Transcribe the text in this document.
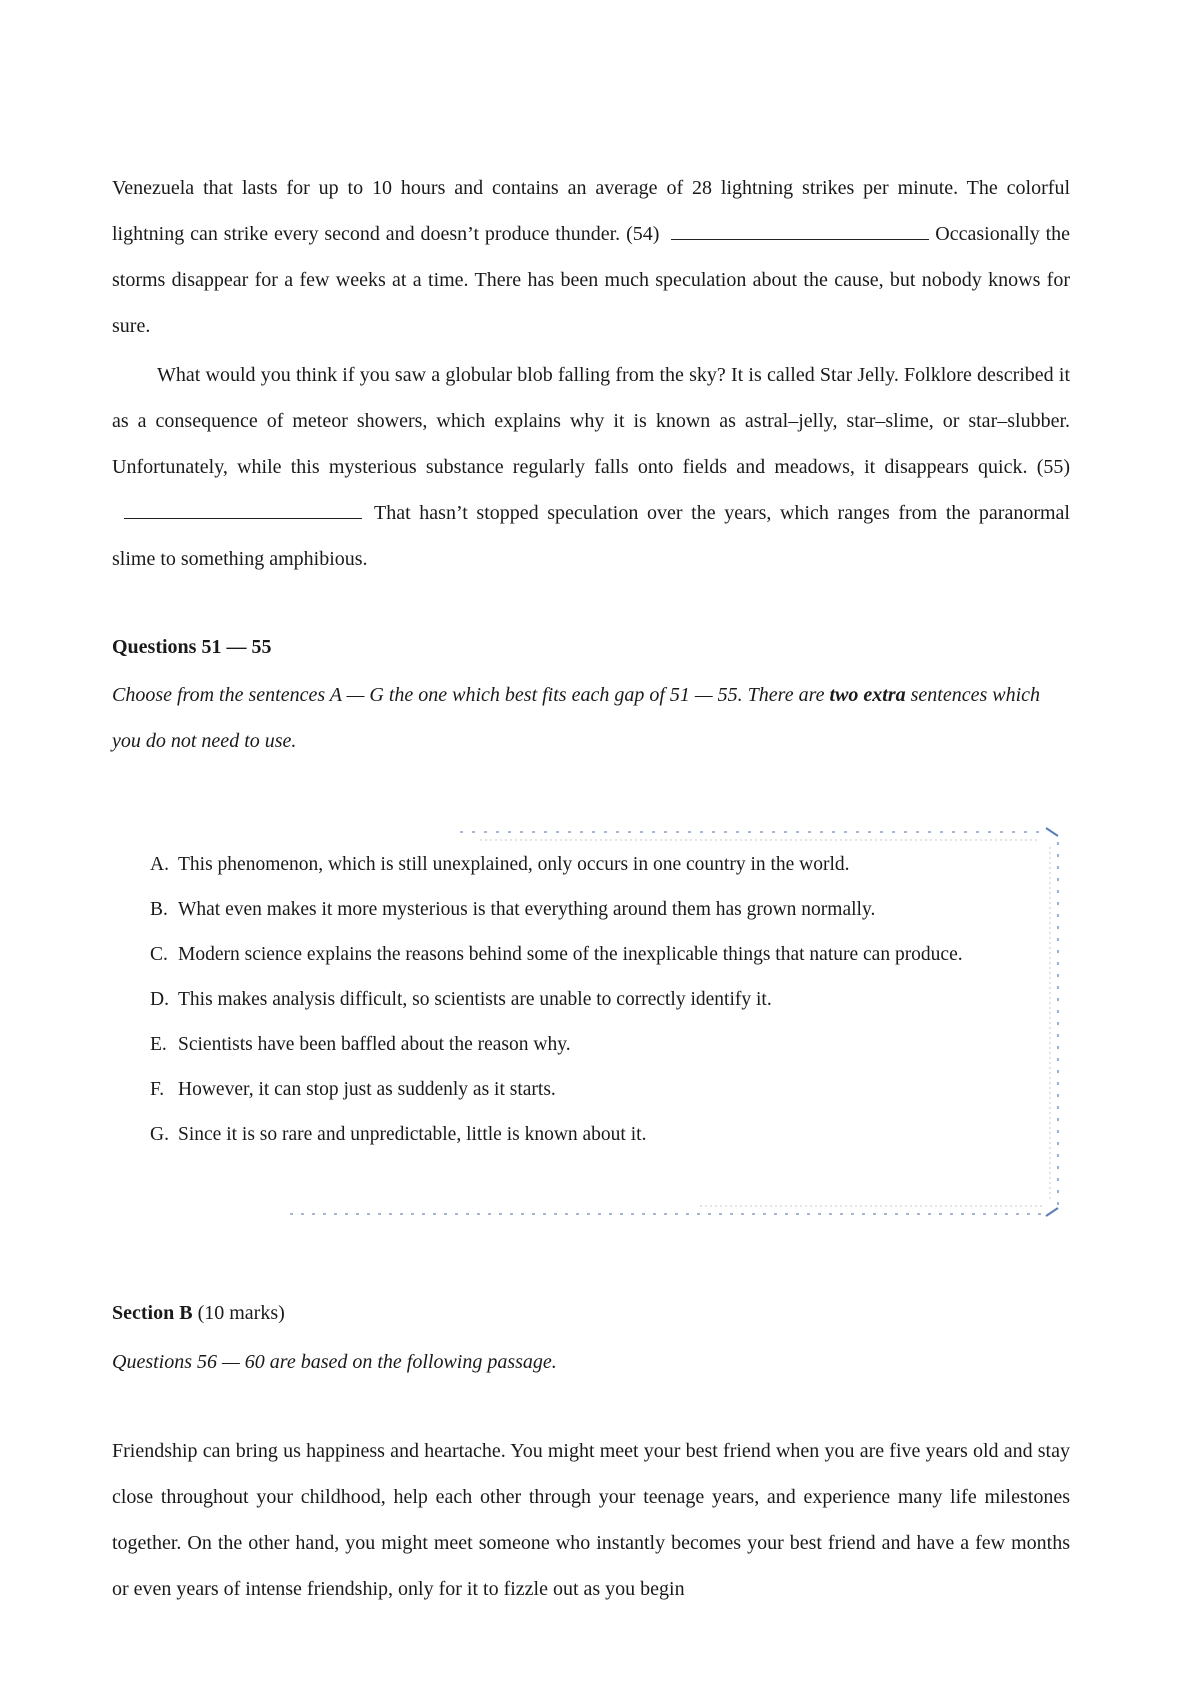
Venezuela that lasts for up to 10 hours and contains an average of 28 lightning strikes per minute. The colorful lightning can strike every second and doesn’t produce thunder. (54)	Occasionally the storms disappear for a few weeks at a time. There has been much speculation about the cause, but nobody knows for sure.

What would you think if you saw a globular blob falling from the sky? It is called Star Jelly. Folklore described it as a consequence of meteor showers, which explains why it is known as astral–jelly, star–slime, or star–slubber. Unfortunately, while this mysterious substance regularly falls onto fields and meadows, it disappears quick. (55)That hasn’t stopped speculation over the years, which ranges from the paranormal slime to something amphibious.

Questions 51 — 55

Choose from the sentences A — G the one which best fits each gap of 51 — 55. There are two extra sentences which you do not need to use.

A. This phenomenon, which is still unexplained, only occurs in one country in the world.
B. What even makes it more mysterious is that everything around them has grown normally.
C. Modern science explains the reasons behind some of the inexplicable things that nature can produce.
D. This makes analysis difficult, so scientists are unable to correctly identify it.
E. Scientists have been baffled about the reason why.
F. However, it can stop just as suddenly as it starts.
G. Since it is so rare and unpredictable, little is known about it.
Section B (10 marks)

Questions 56 — 60 are based on the following passage.

Friendship can bring us happiness and heartache. You might meet your best friend when you are five years old and stay close throughout your childhood, help each other through your teenage years, and experience many life milestones together. On the other hand, you might meet someone who instantly becomes your best friend and have a few months or even years of intense friendship, only for it to fizzle out as you begin
